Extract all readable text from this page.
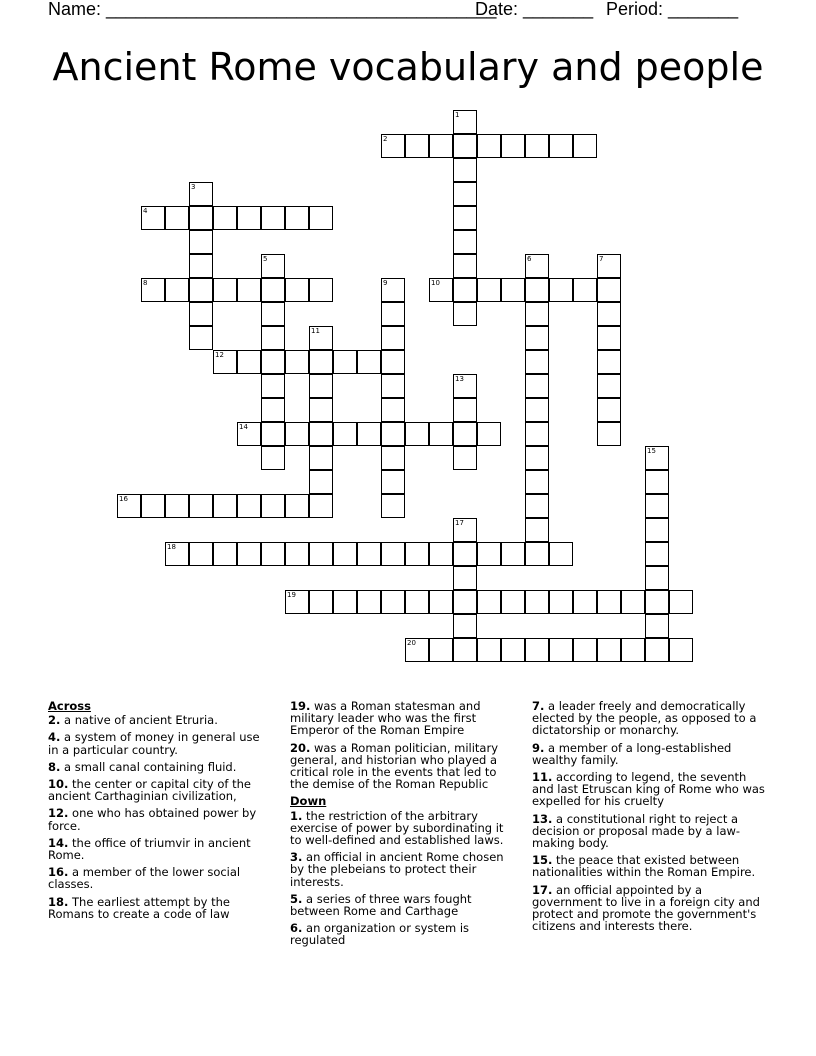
Name: _______________________________________
Date: _______ Period: _______
Ancient Rome vocabulary and people
1
2
3
4
5	6	7
8	9	10
11
12
13
14
15
16
17
18
19
20
Across
2. a native of ancient Etruria.
4. a system of money in general use in a particular country.
8. a small canal containing fluid.
10. the center or capital city of the ancient Carthaginian civilization,
12. one who has obtained power by force.
14. the office of triumvir in ancient Rome.
16. a member of the lower social classes.
18. The earliest attempt by the Romans to create a code of law
19. was a Roman statesman and military leader who was the first Emperor of the Roman Empire
20. was a Roman politician, military general, and historian who played a critical role in the events that led to the demise of the Roman Republic
Down
1. the restriction of the arbitrary exercise of power by subordinating it to well-defined and established laws.
3. an official in ancient Rome chosen by the plebeians to protect their interests.
5. a series of three wars fought between Rome and Carthage
6. an organization or system is regulated
7. a leader freely and democratically elected by the people, as opposed to a dictatorship or monarchy.
9. a member of a long-established wealthy family.
11. according to legend, the seventh and last Etruscan king of Rome who was expelled for his cruelty
13. a constitutional right to reject a decision or proposal made by a law-making body.
15. the peace that existed between nationalities within the Roman Empire.
17. an official appointed by a government to live in a foreign city and protect and promote the government's citizens and interests there.
